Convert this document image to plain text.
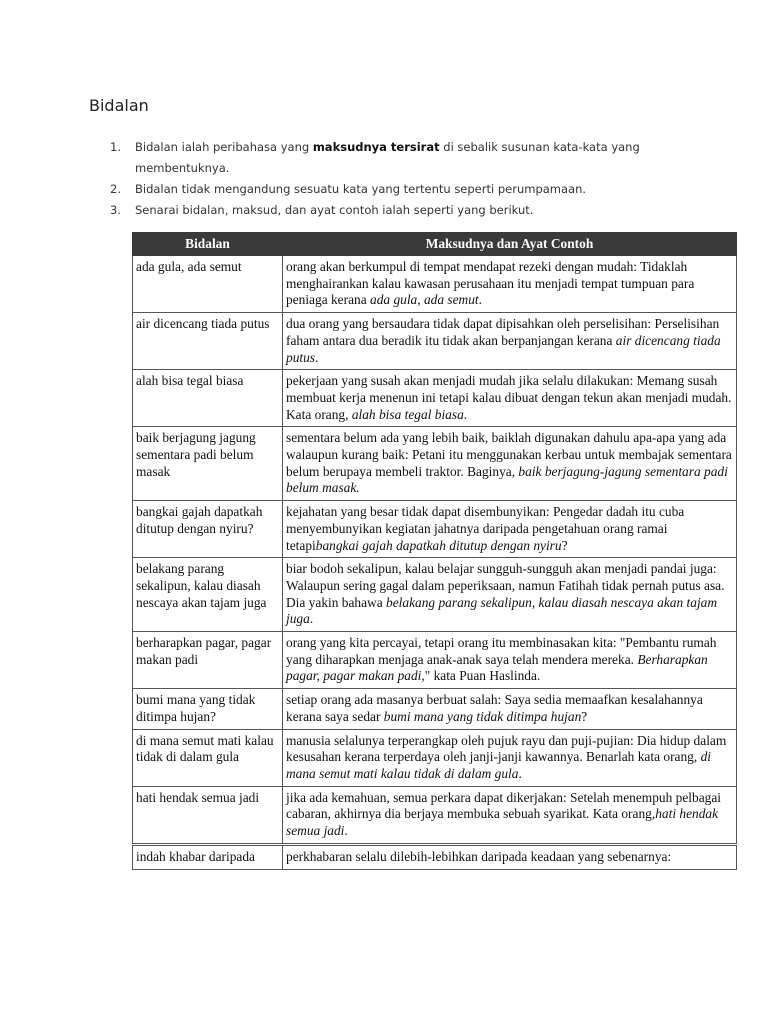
Bidalan
1. Bidalan ialah peribahasa yang maksudnya tersirat di sebalik susunan kata-kata yang membentuknya.
2. Bidalan tidak mengandung sesuatu kata yang tertentu seperti perumpamaan.
3. Senarai bidalan, maksud, dan ayat contoh ialah seperti yang berikut.
Bidalan	Maksudnya dan Ayat Contoh
ada gula, ada semut	orang akan berkumpul di tempat mendapat rezeki dengan mudah: Tidaklah menghairankan kalau kawasan perusahaan itu menjadi tempat tumpuan para peniaga kerana ada gula, ada semut.
air dicencang tiada putus	dua orang yang bersaudara tidak dapat dipisahkan oleh perselisihan: Perselisihan faham antara dua beradik itu tidak akan berpanjangan kerana air dicencang tiada putus.
alah bisa tegal biasa	pekerjaan yang susah akan menjadi mudah jika selalu dilakukan: Memang susah membuat kerja menenun ini tetapi kalau dibuat dengan tekun akan menjadi mudah. Kata orang, alah bisa tegal biasa.
baik berjagung jagung sementara padi belum masak	sementara belum ada yang lebih baik, baiklah digunakan dahulu apa-apa yang ada walaupun kurang baik: Petani itu menggunakan kerbau untuk membajak sementara belum berupaya membeli traktor. Baginya, baik berjagung-jagung sementara padi belum masak.
bangkai gajah dapatkah ditutup dengan nyiru?	kejahatan yang besar tidak dapat disembunyikan: Pengedar dadah itu cuba menyembunyikan kegiatan jahatnya daripada pengetahuan orang ramai tetapibangkai gajah dapatkah ditutup dengan nyiru?
belakang parang sekalipun, kalau diasah nescaya akan tajam juga	biar bodoh sekalipun, kalau belajar sungguh-sungguh akan menjadi pandai juga: Walaupun sering gagal dalam peperiksaan, namun Fatihah tidak pernah putus asa. Dia yakin bahawa belakang parang sekalipun, kalau diasah nescaya akan tajam juga.
berharapkan pagar, pagar makan padi	orang yang kita percayai, tetapi orang itu membinasakan kita: "Pembantu rumah yang diharapkan menjaga anak-anak saya telah mendera mereka. Berharapkan pagar, pagar makan padi," kata Puan Haslinda.
bumi mana yang tidak ditimpa hujan?	setiap orang ada masanya berbuat salah: Saya sedia memaafkan kesalahannya kerana saya sedar bumi mana yang tidak ditimpa hujan?
di mana semut mati kalau tidak di dalam gula	manusia selalunya terperangkap oleh pujuk rayu dan puji-pujian: Dia hidup dalam kesusahan kerana terperdaya oleh janji-janji kawannya. Benarlah kata orang, di mana semut mati kalau tidak di dalam gula.
hati hendak semua jadi	jika ada kemahuan, semua perkara dapat dikerjakan: Setelah menempuh pelbagai cabaran, akhirnya dia berjaya membuka sebuah syarikat. Kata orang,hati hendak semua jadi.
indah khabar daripada	perkhabaran selalu dilebih-lebihkan daripada keadaan yang sebenarnya:
